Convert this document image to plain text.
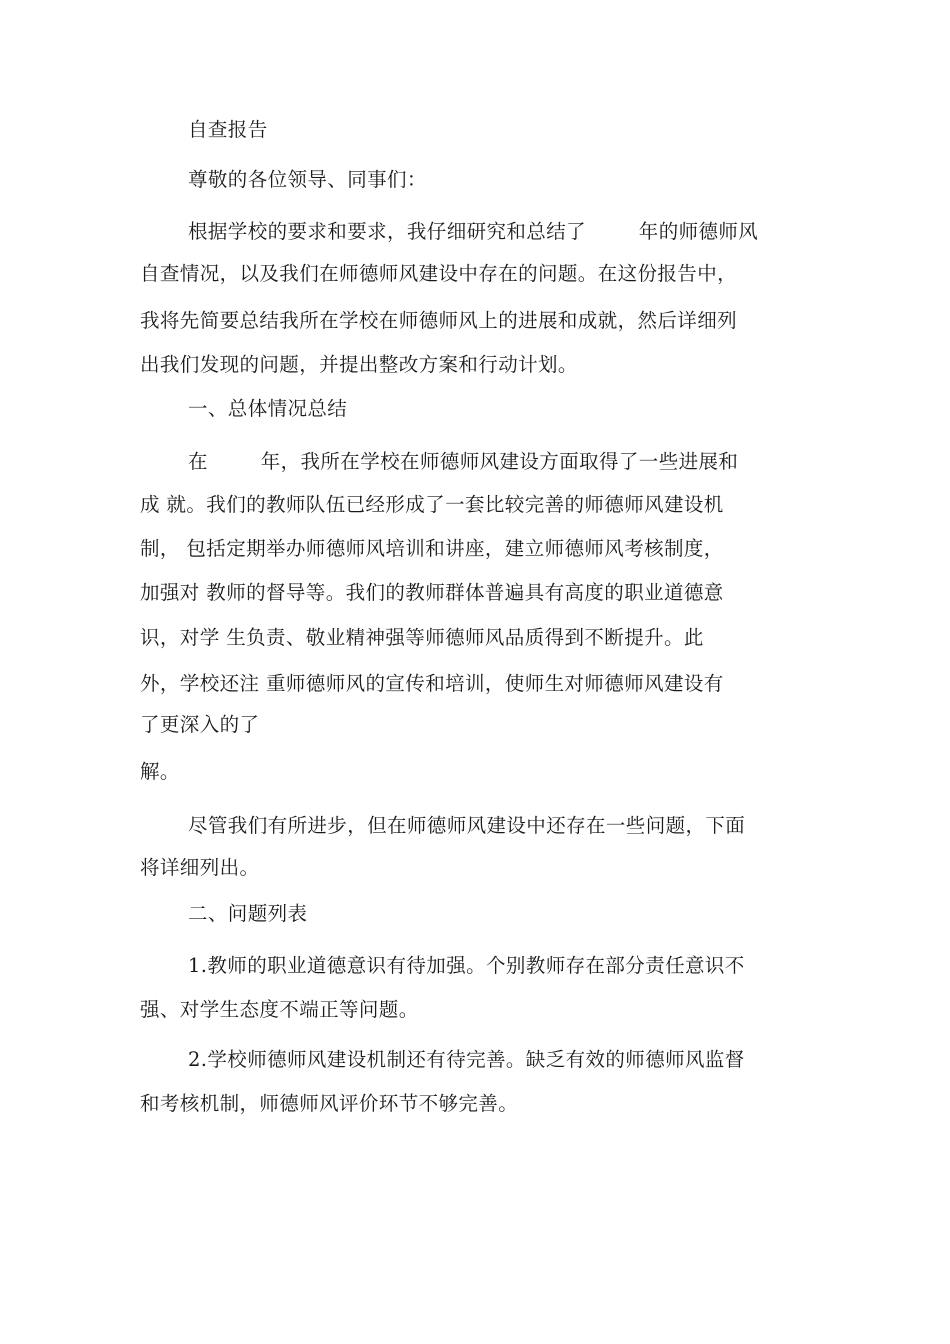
自查报告
尊敬的各位领导、同事们：
根据学校的要求和要求，我仔细研究和总结了        年的师德师风
自查情况，以及我们在师德师风建设中存在的问题。在这份报告中，
我将先简要总结我所在学校在师德师风上的进展和成就，然后详细列
出我们发现的问题，并提出整改方案和行动计划。
一、总体情况总结
在        年，我所在学校在师德师风建设方面取得了一些进展和
成 就。我们的教师队伍已经形成了一套比较完善的师德师风建设机
制， 包括定期举办师德师风培训和讲座，建立师德师风考核制度，
加强对 教师的督导等。我们的教师群体普遍具有高度的职业道德意
识，对学 生负责、敬业精神强等师德师风品质得到不断提升。此
外，学校还注 重师德师风的宣传和培训，使师生对师德师风建设有
了更深入的了
解。
尽管我们有所进步，但在师德师风建设中还存在一些问题，下面
将详细列出。
二、问题列表
1.教师的职业道德意识有待加强。个别教师存在部分责任意识不
强、对学生态度不端正等问题。
2.学校师德师风建设机制还有待完善。缺乏有效的师德师风监督
和考核机制，师德师风评价环节不够完善。
